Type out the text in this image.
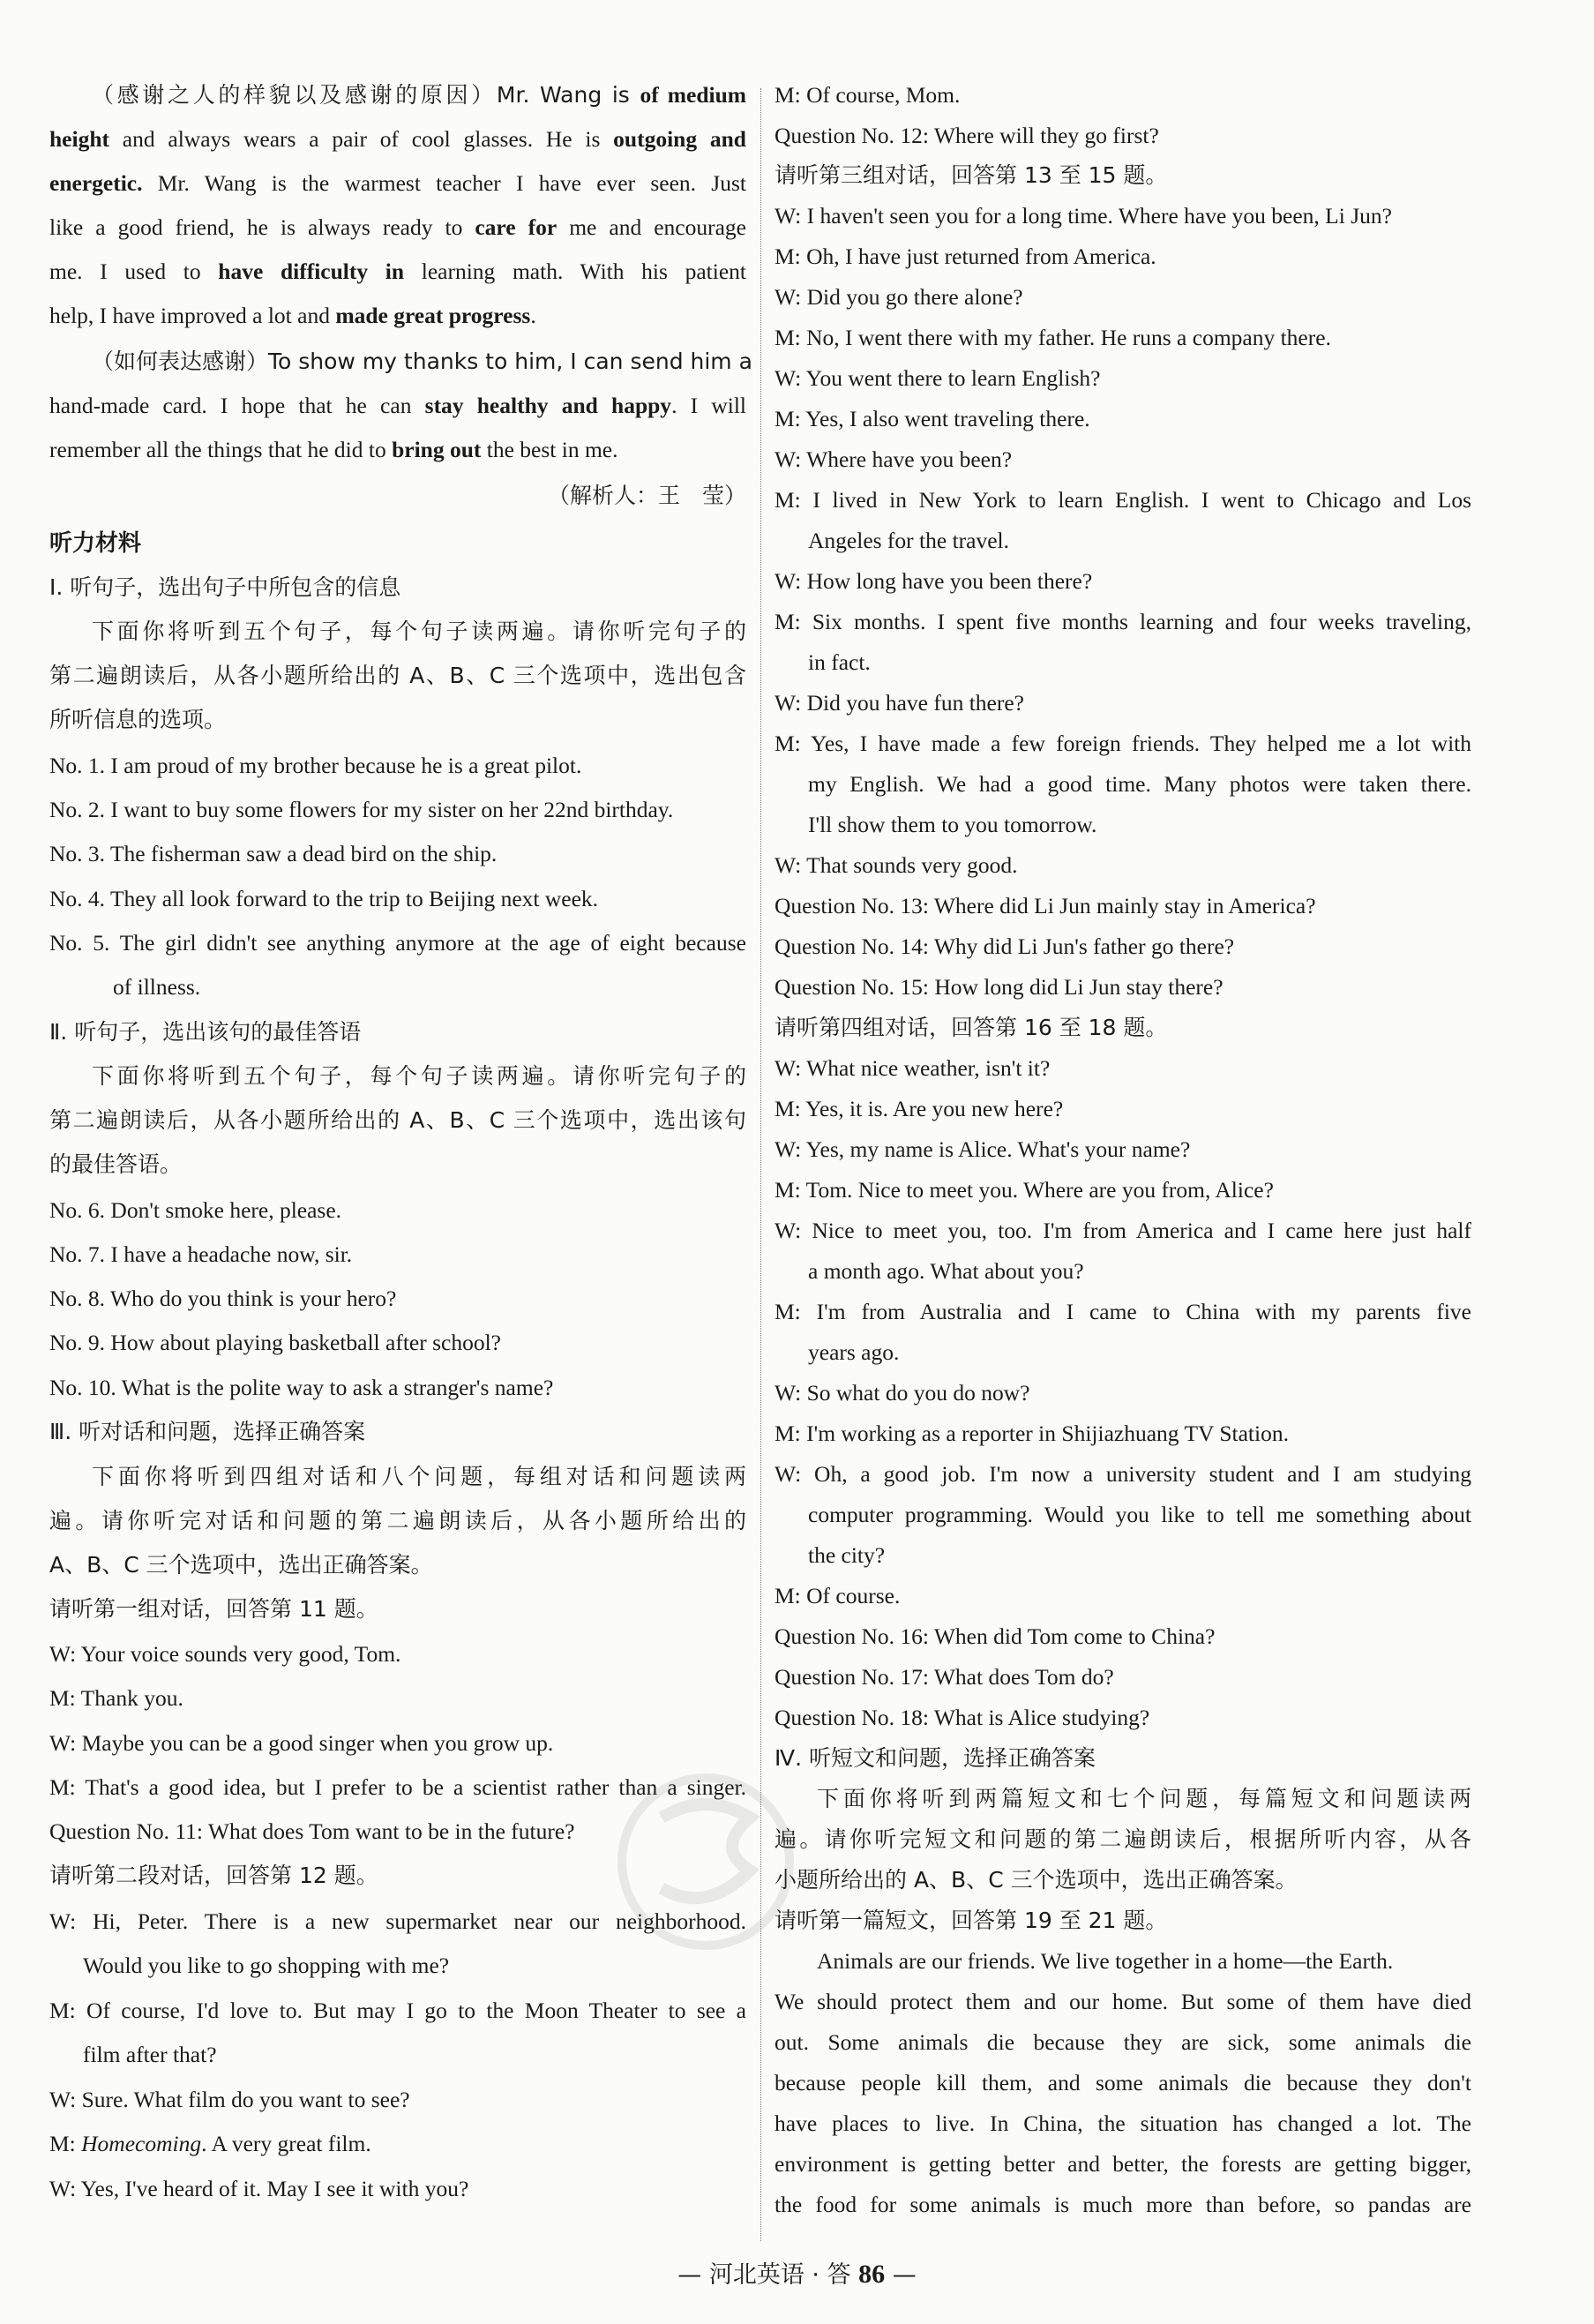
（感谢之人的样貌以及感谢的原因）Mr. Wang is of medium
height and always wears a pair of cool glasses. He is outgoing and
energetic. Mr. Wang is the warmest teacher I have ever seen. Just
like a good friend, he is always ready to care for me and encourage
me. I used to have difficulty in learning math. With his patient
help, I have improved a lot and made great progress.
（如何表达感谢）To show my thanks to him, I can send him a
hand-made card. I hope that he can stay healthy and happy. I will
remember all the things that he did to bring out the best in me.
（解析人：王　莹）
听力材料
Ⅰ. 听句子，选出句子中所包含的信息
下面你将听到五个句子，每个句子读两遍。请你听完句子的
第二遍朗读后，从各小题所给出的 A、B、C 三个选项中，选出包含
所听信息的选项。
No. 1. I am proud of my brother because he is a great pilot.
No. 2. I want to buy some flowers for my sister on her 22nd birthday.
No. 3. The fisherman saw a dead bird on the ship.
No. 4. They all look forward to the trip to Beijing next week.
No. 5. The girl didn't see anything anymore at the age of eight because
of illness.
Ⅱ. 听句子，选出该句的最佳答语
下面你将听到五个句子，每个句子读两遍。请你听完句子的
第二遍朗读后，从各小题所给出的 A、B、C 三个选项中，选出该句
的最佳答语。
No. 6. Don't smoke here, please.
No. 7. I have a headache now, sir.
No. 8. Who do you think is your hero?
No. 9. How about playing basketball after school?
No. 10. What is the polite way to ask a stranger's name?
Ⅲ. 听对话和问题，选择正确答案
下面你将听到四组对话和八个问题，每组对话和问题读两
遍。请你听完对话和问题的第二遍朗读后，从各小题所给出的
A、B、C 三个选项中，选出正确答案。
请听第一组对话，回答第 11 题。
W: Your voice sounds very good, Tom.
M: Thank you.
W: Maybe you can be a good singer when you grow up.
M: That's a good idea, but I prefer to be a scientist rather than a singer.
Question No. 11: What does Tom want to be in the future?
请听第二段对话，回答第 12 题。
W: Hi, Peter. There is a new supermarket near our neighborhood.
Would you like to go shopping with me?
M: Of course, I'd love to. But may I go to the Moon Theater to see a
film after that?
W: Sure. What film do you want to see?
M: Homecoming. A very great film.
W: Yes, I've heard of it. May I see it with you?
M: Of course, Mom.
Question No. 12: Where will they go first?
请听第三组对话，回答第 13 至 15 题。
W: I haven't seen you for a long time. Where have you been, Li Jun?
M: Oh, I have just returned from America.
W: Did you go there alone?
M: No, I went there with my father. He runs a company there.
W: You went there to learn English?
M: Yes, I also went traveling there.
W: Where have you been?
M: I lived in New York to learn English. I went to Chicago and Los
Angeles for the travel.
W: How long have you been there?
M: Six months. I spent five months learning and four weeks traveling,
in fact.
W: Did you have fun there?
M: Yes, I have made a few foreign friends. They helped me a lot with
my English. We had a good time. Many photos were taken there.
I'll show them to you tomorrow.
W: That sounds very good.
Question No. 13: Where did Li Jun mainly stay in America?
Question No. 14: Why did Li Jun's father go there?
Question No. 15: How long did Li Jun stay there?
请听第四组对话，回答第 16 至 18 题。
W: What nice weather, isn't it?
M: Yes, it is. Are you new here?
W: Yes, my name is Alice. What's your name?
M: Tom. Nice to meet you. Where are you from, Alice?
W: Nice to meet you, too. I'm from America and I came here just half
a month ago. What about you?
M: I'm from Australia and I came to China with my parents five
years ago.
W: So what do you do now?
M: I'm working as a reporter in Shijiazhuang TV Station.
W: Oh, a good job. I'm now a university student and I am studying
computer programming. Would you like to tell me something about
the city?
M: Of course.
Question No. 16: When did Tom come to China?
Question No. 17: What does Tom do?
Question No. 18: What is Alice studying?
Ⅳ. 听短文和问题，选择正确答案
下面你将听到两篇短文和七个问题，每篇短文和问题读两
遍。请你听完短文和问题的第二遍朗读后，根据所听内容，从各
小题所给出的 A、B、C 三个选项中，选出正确答案。
请听第一篇短文，回答第 19 至 21 题。
Animals are our friends. We live together in a home—the Earth.
We should protect them and our home. But some of them have died
out. Some animals die because they are sick, some animals die
because people kill them, and some animals die because they don't
have places to live. In China, the situation has changed a lot. The
environment is getting better and better, the forests are getting bigger,
the food for some animals is much more than before, so pandas are
— 河北英语 · 答 86 —
